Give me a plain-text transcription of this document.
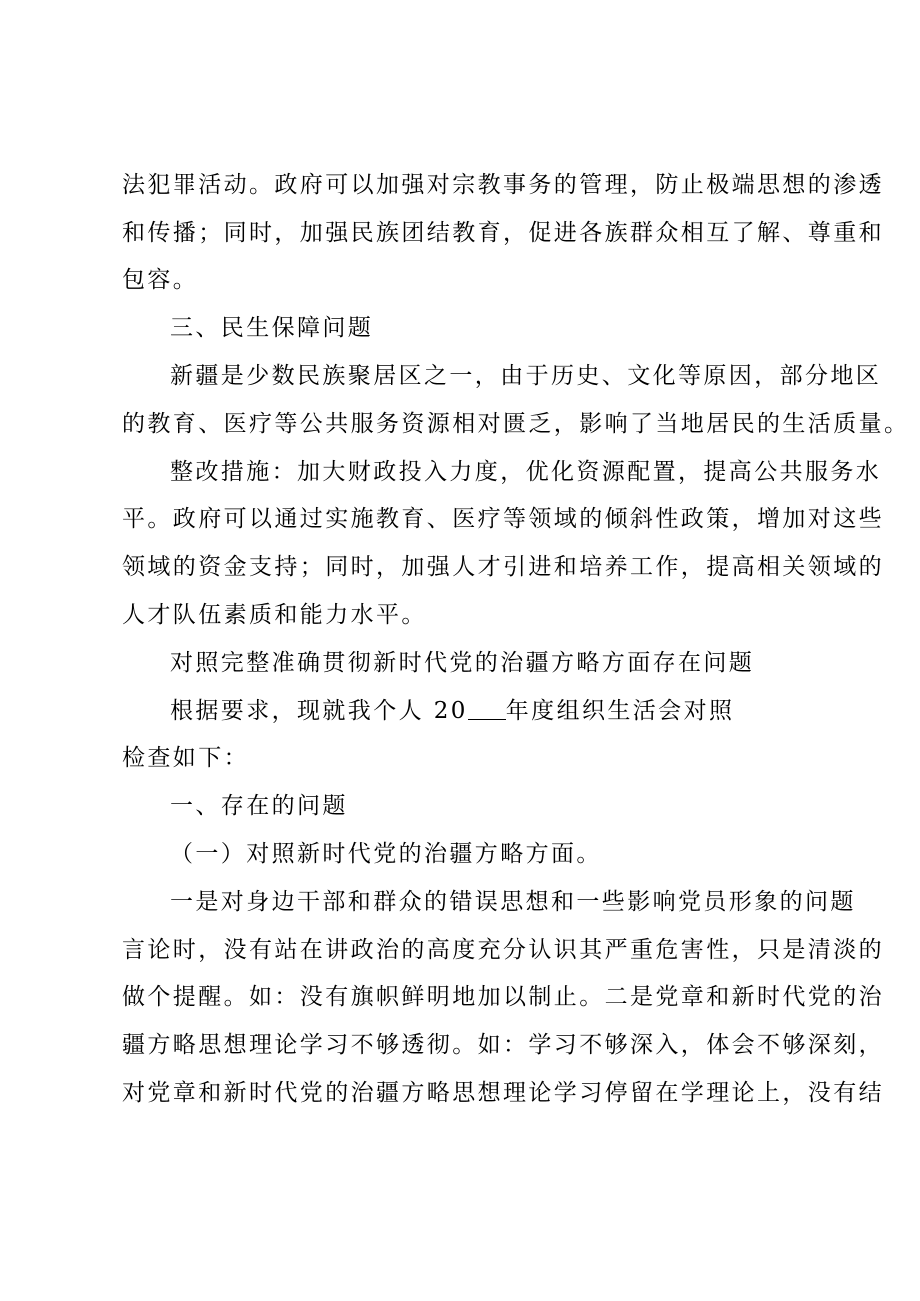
法犯罪活动。政府可以加强对宗教事务的管理，防止极端思想的渗透
和传播；同时，加强民族团结教育，促进各族群众相互了解、尊重和
包容。
三、民生保障问题
新疆是少数民族聚居区之一，由于历史、文化等原因，部分地区
的教育、医疗等公共服务资源相对匮乏，影响了当地居民的生活质量。
整改措施：加大财政投入力度，优化资源配置，提高公共服务水
平。政府可以通过实施教育、医疗等领域的倾斜性政策，增加对这些
领域的资金支持；同时，加强人才引进和培养工作，提高相关领域的
人才队伍素质和能力水平。
对照完整准确贯彻新时代党的治疆方略方面存在问题
根据要求，现就我个人 20 年度组织生活会对照
检查如下：
一、存在的问题
（一）对照新时代党的治疆方略方面。
一是对身边干部和群众的错误思想和一些影响党员形象的问题
言论时，没有站在讲政治的高度充分认识其严重危害性，只是清淡的
做个提醒。如：没有旗帜鲜明地加以制止。二是党章和新时代党的治
疆方略思想理论学习不够透彻。如：学习不够深入，体会不够深刻，
对党章和新时代党的治疆方略思想理论学习停留在学理论上，没有结
